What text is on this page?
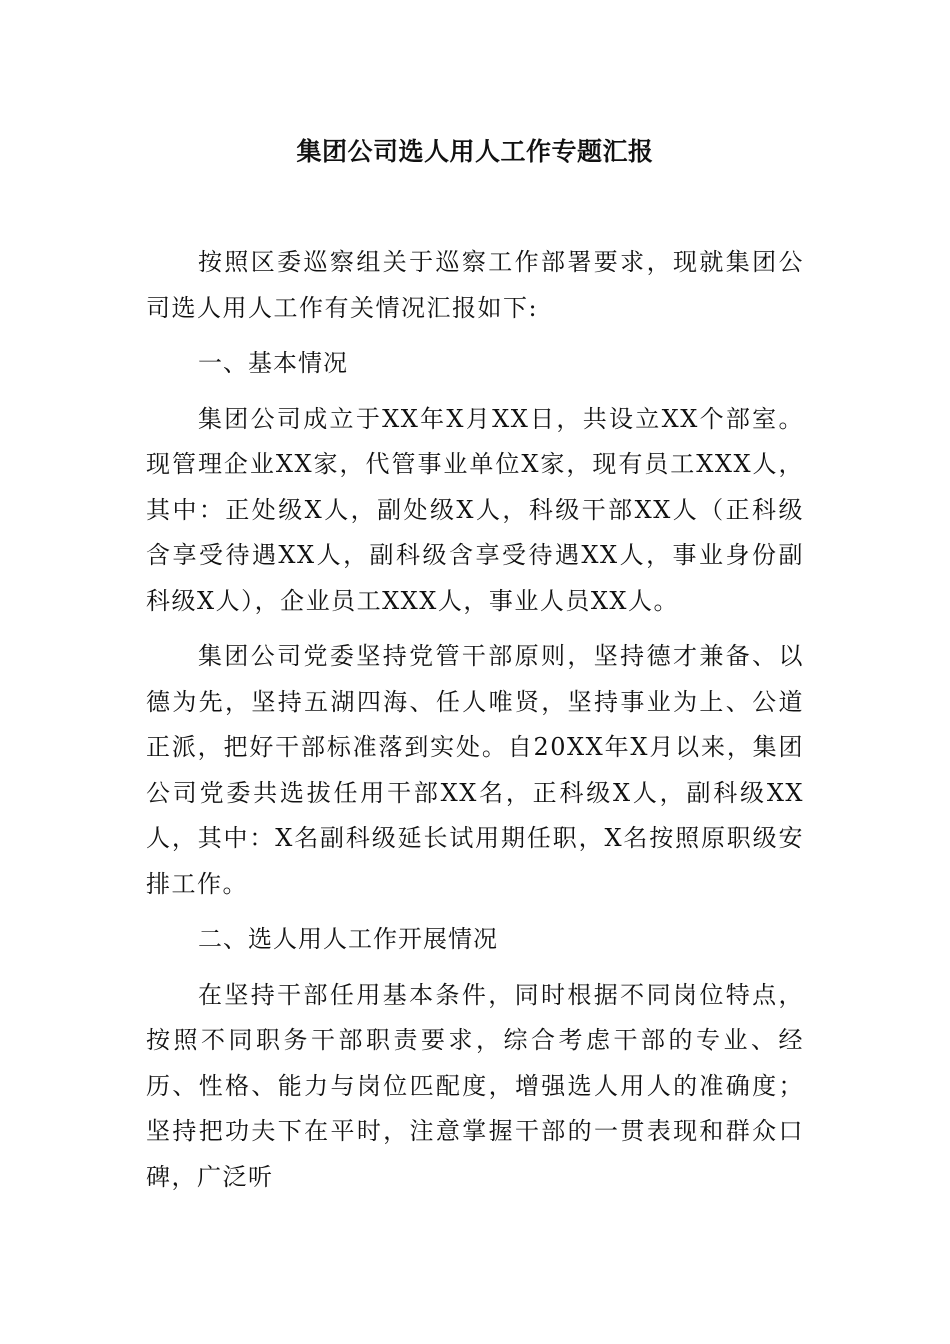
集团公司选人用人工作专题汇报

按照区委巡察组关于巡察工作部署要求，现就集团公司选人用人工作有关情况汇报如下:

一、基本情况

集团公司成立于XX年X月XX日，共设立XX个部室。现管理企业XX家，代管事业单位X家，现有员工XXX人，其中：正处级X人，副处级X人，科级干部XX人（正科级含享受待遇XX人，副科级含享受待遇XX人，事业身份副科级X人），企业员工XXX人，事业人员XX人。

集团公司党委坚持党管干部原则，坚持德才兼备、以德为先，坚持五湖四海、任人唯贤，坚持事业为上、公道正派，把好干部标准落到实处。自20XX年X月以来，集团公司党委共选拔任用干部XX名，正科级X人，副科级XX人，其中：X名副科级延长试用期任职，X名按照原职级安排工作。

二、选人用人工作开展情况

在坚持干部任用基本条件，同时根据不同岗位特点，按照不同职务干部职责要求，综合考虑干部的专业、经历、性格、能力与岗位匹配度，增强选人用人的准确度；坚持把功夫下在平时，注意掌握干部的一贯表现和群众口碑，广泛听
